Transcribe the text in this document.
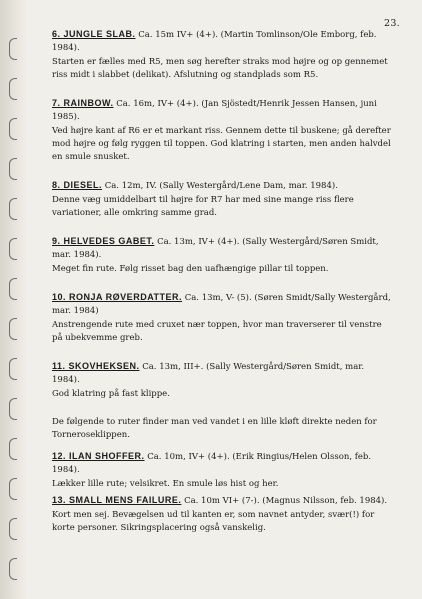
23.

6. JUNGLE SLAB. Ca. 15m IV+ (4+). (Martin Tomlinson/Ole Emborg, feb. 1984).

Starten er fælles med R5, men søg herefter straks mod højre og op gennemet riss midt i slabbet (delikat). Afslutning og standplads som R5.

7. RAINBOW. Ca. 16m, IV+ (4+). (Jan Sjöstedt/Henrik Jessen Hansen, juni 1985).

Ved højre kant af R6 er et markant riss. Gennem dette til buskene; gå derefter mod højre og følg ryggen til toppen. God klatring i starten, men anden halvdel en smule snusket.

8. DIESEL. Ca. 12m, IV. (Sally Westergård/Lene Dam, mar. 1984).

Denne væg umiddelbart til højre for R7 har med sine mange riss flere variationer, alle omkring samme grad.

9. HELVEDES GABET. Ca. 13m, IV+ (4+). (Sally Westergård/Søren Smidt, mar. 1984).

Meget fin rute. Følg risset bag den uafhængige pillar til toppen.

10. RONJA RØVERDATTER. Ca. 13m, V- (5). (Søren Smidt/Sally Westergård, mar. 1984)

Anstrengende rute med cruxet nær toppen, hvor man traverserer til venstre på ubekvemme greb.

11. SKOVHEKSEN. Ca. 13m, III+. (Sally Westergård/Søren Smidt, mar. 1984).

God klatring på fast klippe.

De følgende to ruter finder man ved vandet i en lille kløft direkte neden for Torneroseklippen.

12. ILAN SHOFFER. Ca. 10m, IV+ (4+). (Erik Ringius/Helen Olsson, feb. 1984).

Lækker lille rute; velsikret. En smule løs hist og her.

13. SMALL MENS FAILURE. Ca. 10m VI+ (7-). (Magnus Nilsson, feb. 1984).

Kort men sej. Bevægelsen ud til kanten er, som navnet antyder, svær(!) for korte personer. Sikringsplacering også vanskelig.
